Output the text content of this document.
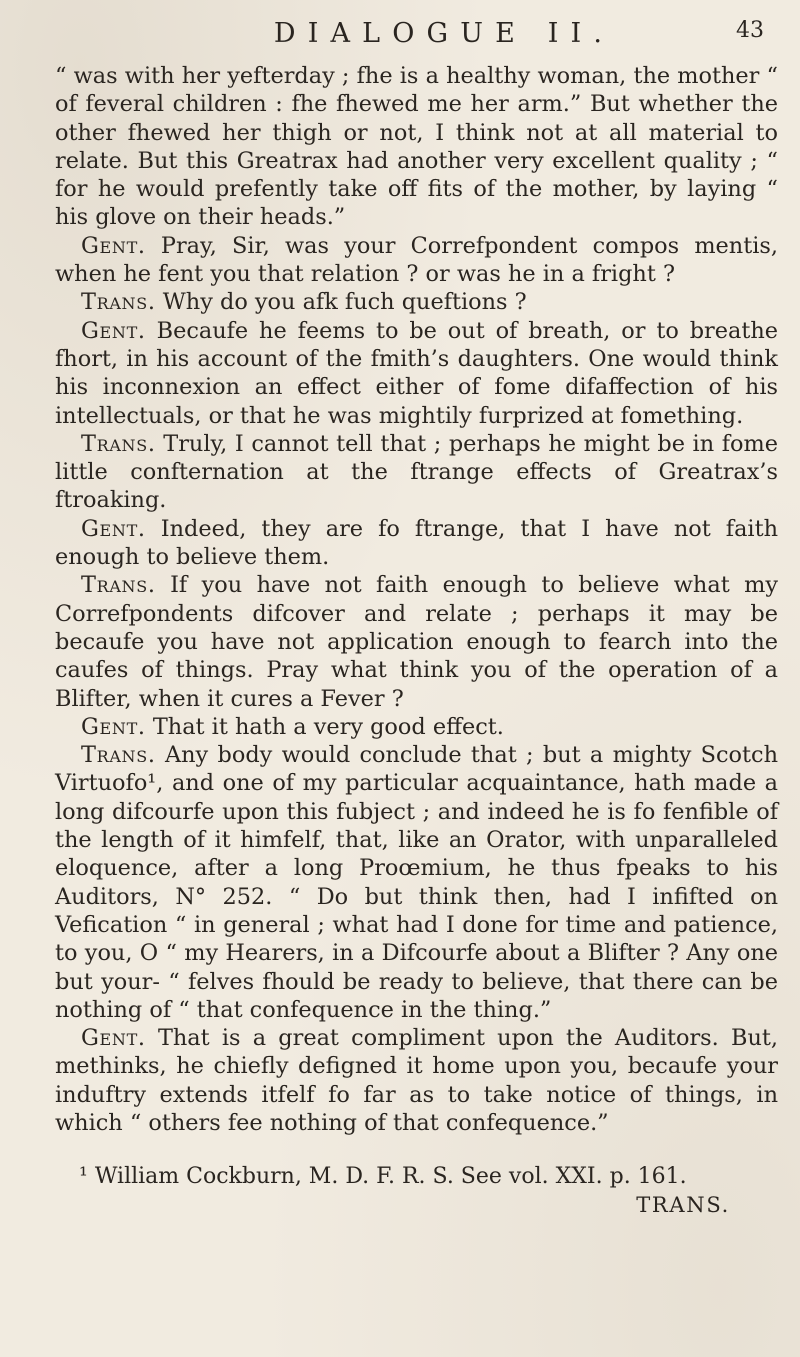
DIALOGUE II.	43

“ was with her yefterday ; fhe is a healthy woman, the mother “ of feveral children : fhe fhewed me her arm.” But whether the other fhewed her thigh or not, I think not at all material to relate. But this Greatrax had another very excellent quality ; “ for he would prefently take off fits of the mother, by laying “ his glove on their heads.”

Gent. Pray, Sir, was your Correfpondent compos mentis, when he fent you that relation ? or was he in a fright ?

Trans. Why do you afk fuch queftions ?

Gent. Becaufe he feems to be out of breath, or to breathe fhort, in his account of the fmith’s daughters. One would think his inconnexion an effect either of fome difaffection of his intellectuals, or that he was mightily furprized at fomething.

Trans. Truly, I cannot tell that ; perhaps he might be in fome little confternation at the ftrange effects of Greatrax’s ftroaking.

Gent. Indeed, they are fo ftrange, that I have not faith enough to believe them.

Trans. If you have not faith enough to believe what my Correfpondents difcover and relate ; perhaps it may be becaufe you have not application enough to fearch into the caufes of things. Pray what think you of the operation of a Blifter, when it cures a Fever ?

Gent. That it hath a very good effect.

Trans. Any body would conclude that ; but a mighty Scotch Virtuofo¹, and one of my particular acquaintance, hath made a long difcourfe upon this fubject ; and indeed he is fo fenfible of the length of it himfelf, that, like an Orator, with unparalleled eloquence, after a long Proœmium, he thus fpeaks to his Auditors, N° 252. “ Do but think then, had I infifted on Vefication “ in general ; what had I done for time and patience, to you, O “ my Hearers, in a Difcourfe about a Blifter ? Any one but your- “ felves fhould be ready to believe, that there can be nothing of “ that confequence in the thing.”

Gent. That is a great compliment upon the Auditors. But, methinks, he chiefly defigned it home upon you, becaufe your induftry extends itfelf fo far as to take notice of things, in which “ others fee nothing of that confequence.”

¹ William Cockburn, M. D. F. R. S. See vol. XXI. p. 161.
TRANS.
